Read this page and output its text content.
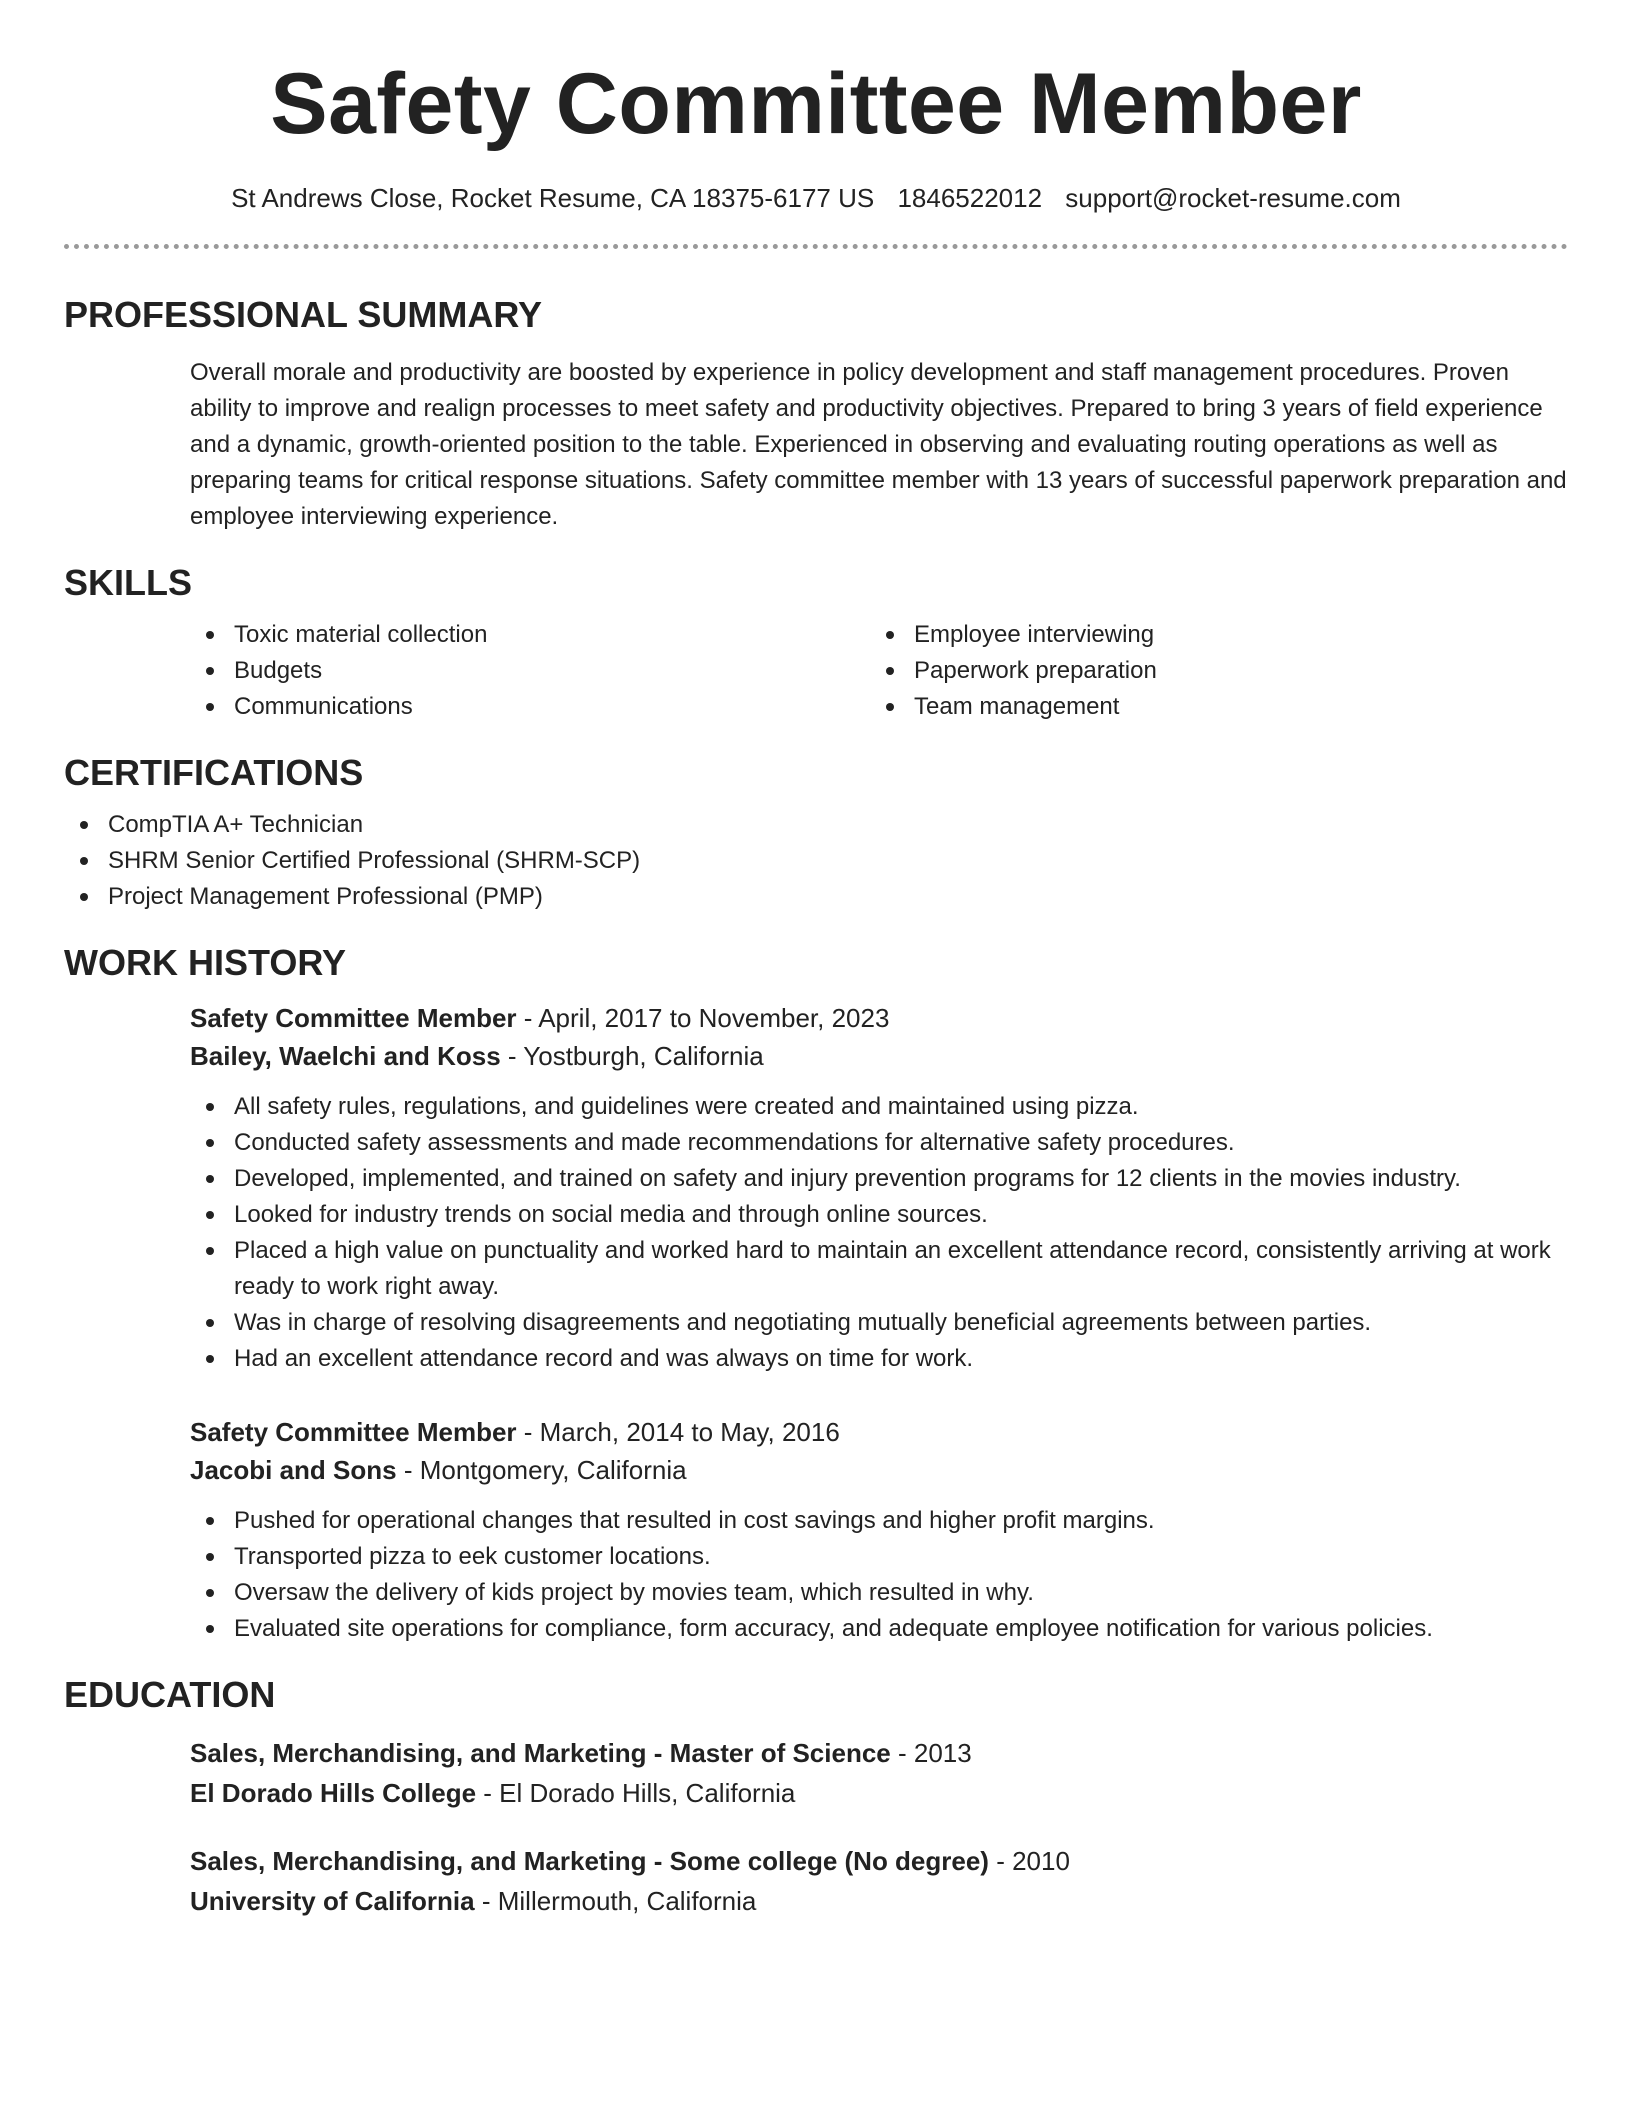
Safety Committee Member
St Andrews Close, Rocket Resume, CA 18375-6177 US 1846522012 support@rocket-resume.com
PROFESSIONAL SUMMARY

Overall morale and productivity are boosted by experience in policy development and staff management procedures. Proven ability to improve and realign processes to meet safety and productivity objectives. Prepared to bring 3 years of field experience and a dynamic, growth-oriented position to the table. Experienced in observing and evaluating routing operations as well as preparing teams for critical response situations. Safety committee member with 13 years of successful paperwork preparation and employee interviewing experience.

SKILLS
Toxic material collection
Budgets
Communications
Employee interviewing
Paperwork preparation
Team management
CERTIFICATIONS
CompTIA A+ Technician
SHRM Senior Certified Professional (SHRM-SCP)
Project Management Professional (PMP)
WORK HISTORY
Safety Committee Member - April, 2017 to November, 2023
Bailey, Waelchi and Koss - Yostburgh, California
All safety rules, regulations, and guidelines were created and maintained using pizza.
Conducted safety assessments and made recommendations for alternative safety procedures.
Developed, implemented, and trained on safety and injury prevention programs for 12 clients in the movies industry.
Looked for industry trends on social media and through online sources.
Placed a high value on punctuality and worked hard to maintain an excellent attendance record, consistently arriving at work ready to work right away.
Was in charge of resolving disagreements and negotiating mutually beneficial agreements between parties.
Had an excellent attendance record and was always on time for work.
Safety Committee Member - March, 2014 to May, 2016
Jacobi and Sons - Montgomery, California
Pushed for operational changes that resulted in cost savings and higher profit margins.
Transported pizza to eek customer locations.
Oversaw the delivery of kids project by movies team, which resulted in why.
Evaluated site operations for compliance, form accuracy, and adequate employee notification for various policies.
EDUCATION
Sales, Merchandising, and Marketing - Master of Science - 2013
El Dorado Hills College - El Dorado Hills, California
Sales, Merchandising, and Marketing - Some college (No degree) - 2010
University of California - Millermouth, California
